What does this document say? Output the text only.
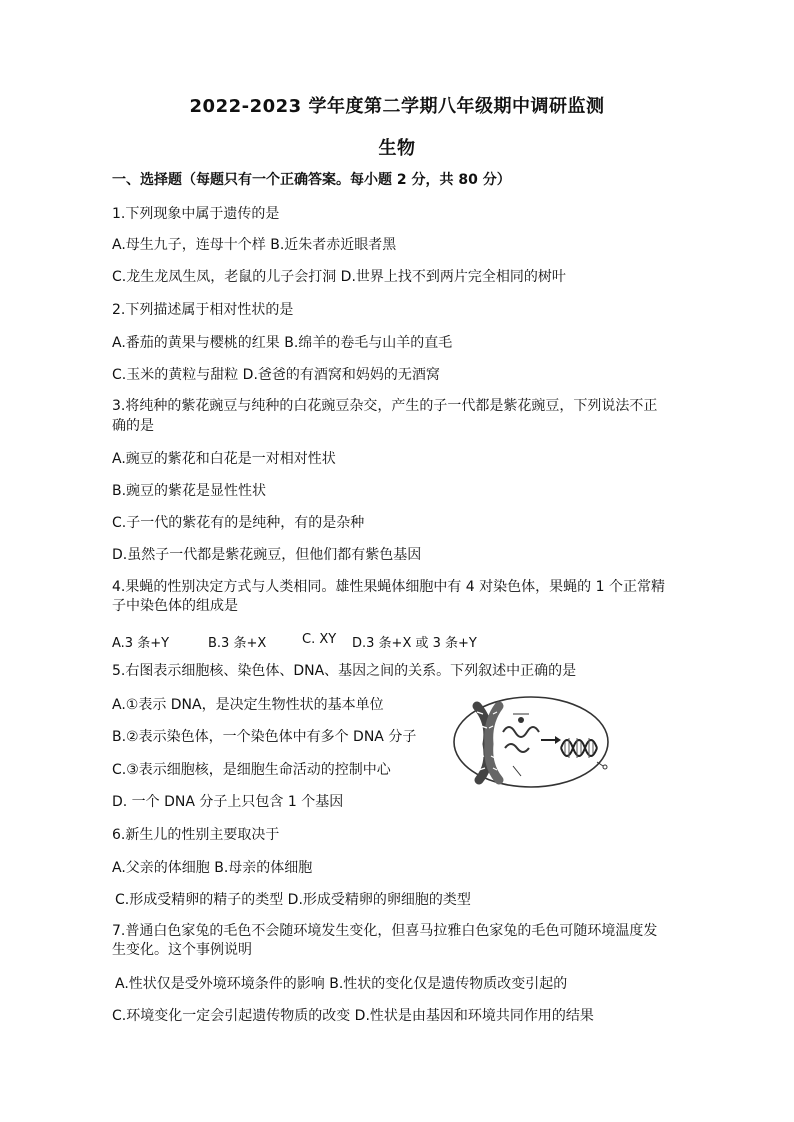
2022-2023 学年度第二学期八年级期中调研监测
生物
一、选择题（每题只有一个正确答案。每小题 2 分，共 80 分）
1.下列现象中属于遗传的是
A.母生九子，连母十个样 B.近朱者赤近眼者黑
C.龙生龙凤生凤，老鼠的儿子会打洞 D.世界上找不到两片完全相同的树叶
2.下列描述属于相对性状的是
A.番茄的黄果与樱桃的红果 B.绵羊的卷毛与山羊的直毛
C.玉米的黄粒与甜粒 D.爸爸的有酒窝和妈妈的无酒窝
3.将纯种的紫花豌豆与纯种的白花豌豆杂交，产生的子一代都是紫花豌豆，下列说法不正
确的是
A.豌豆的紫花和白花是一对相对性状
B.豌豆的紫花是显性性状
C.子一代的紫花有的是纯种，有的是杂种
D.虽然子一代都是紫花豌豆，但他们都有紫色基因
4.果蝇的性别决定方式与人类相同。雄性果蝇体细胞中有 4 对染色体，果蝇的 1 个正常精
子中染色体的组成是
A.3 条+Y	B.3 条+X	C. XY D.3 条+X 或 3 条+Y
5.右图表示细胞核、染色体、DNA、基因之间的关系。下列叙述中正确的是
A.①表示 DNA，是决定生物性状的基本单位
B.②表示染色体，一个染色体中有多个 DNA 分子
C.③表示细胞核，是细胞生命活动的控制中心
D. 一个 DNA 分子上只包含 1 个基因
6.新生儿的性别主要取决于
A.父亲的体细胞 B.母亲的体细胞
C.形成受精卵的精子的类型 D.形成受精卵的卵细胞的类型
7.普通白色家兔的毛色不会随环境发生变化，但喜马拉雅白色家兔的毛色可随环境温度发
生变化。这个事例说明
A.性状仅是受外境环境条件的影响 B.性状的变化仅是遗传物质改变引起的
C.环境变化一定会引起遗传物质的改变 D.性状是由基因和环境共同作用的结果
